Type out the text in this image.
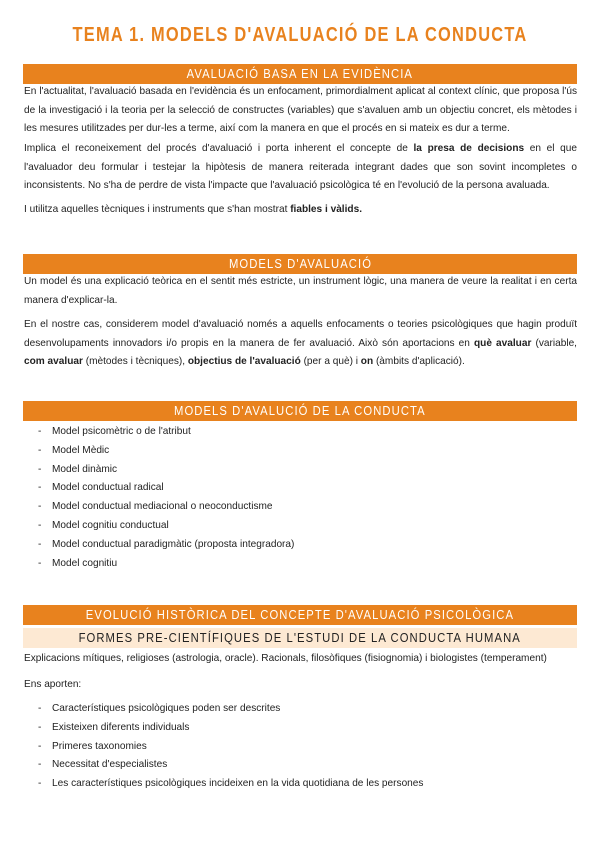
TEMA 1. MODELS D'AVALUACIÓ DE LA CONDUCTA
AVALUACIÓ BASA EN LA EVIDÈNCIA
En l'actualitat, l'avaluació basada en l'evidència és un enfocament, primordialment aplicat al context clínic, que proposa l'ús de la investigació i la teoria per la selecció de constructes (variables) que s'avaluen amb un objectiu concret, els mètodes i les mesures utilitzades per dur-les a terme, així com la manera en que el procés en si mateix es dur a terme.
Implica el reconeixement del procés d'avaluació i porta inherent el concepte de la presa de decisions en el que l'avaluador deu formular i testejar la hipòtesis de manera reiterada integrant dades que son sovint incompletes o inconsistents. No s'ha de perdre de vista l'impacte que l'avaluació psicològica té en l'evolució de la persona avaluada.
I utilitza aquelles tècniques i instruments que s'han mostrat fiables i vàlids.
MODELS D'AVALUACIÓ
Un model és una explicació teòrica en el sentit més estricte, un instrument lògic, una manera de veure la realitat i en certa manera d'explicar-la.
En el nostre cas, considerem model d'avaluació només a aquells enfocaments o teories psicològiques que hagin produït desenvolupaments innovadors i/o propis en la manera de fer avaluació. Això són aportacions en què avaluar (variable, com avaluar (mètodes i tècniques), objectius de l'avaluació (per a què) i on (àmbits d'aplicació).
MODELS D'AVALUCIÓ DE LA CONDUCTA
- Model psicomètric o de l'atribut
- Model Mèdic
- Model dinàmic
- Model conductual radical
- Model conductual mediacional o neoconductisme
- Model cognitiu conductual
- Model conductual paradigmàtic (proposta integradora)
- Model cognitiu
EVOLUCIÓ HISTÒRICA DEL CONCEPTE D'AVALUACIÓ PSICOLÒGICA
FORMES PRE-CIENTÍFIQUES DE L'ESTUDI DE LA CONDUCTA HUMANA
Explicacions mítiques, religioses (astrologia, oracle). Racionals, filosòfiques (fisiognomia) i biologistes (temperament)
Ens aporten:
- Característiques psicològiques poden ser descrites
- Existeixen diferents individuals
- Primeres taxonomies
- Necessitat d'especialistes
- Les característiques psicològiques incideixen en la vida quotidiana de les persones
